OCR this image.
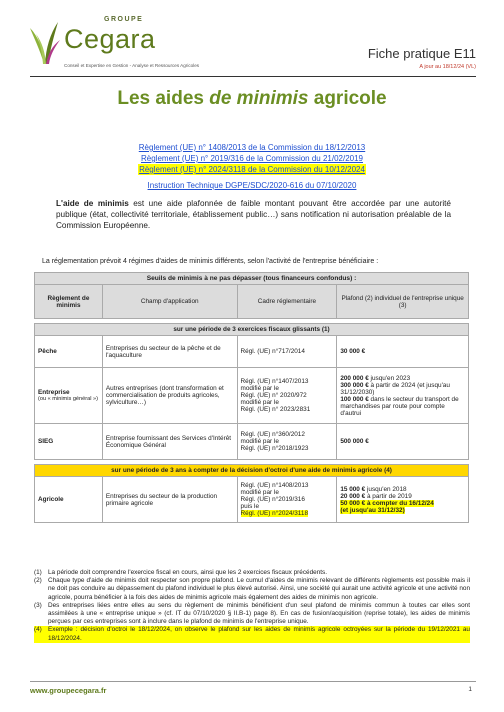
GROUPE
Cegara
Conseil et Expertise en Gestion - Analyse et Ressources Agricoles
Fiche pratique E11
A jour au 18/12/24 (VL)
Les aides de minimis agricole
Règlement (UE) n° 1408/2013 de la Commission du 18/12/2013
Règlement (UE) n° 2019/316 de la Commission du 21/02/2019
Règlement (UE) n° 2024/3118 de la Commission du 10/12/2024
Instruction Technique DGPE/SDC/2020-616 du 07/10/2020

L'aide de minimis est une aide plafonnée de faible montant pouvant être accordée par une autorité publique (état, collectivité territoriale, établissement public…) sans notification ni autorisation préalable de la Commission Européenne.

La réglementation prévoit 4 régimes d'aides de minimis différents, selon l'activité de l'entreprise bénéficiaire :

Seuils de minimis à ne pas dépasser (tous financeurs confondus) :			
Règlement de minimis	Champ d'application	Cadre réglementaire	Plafond (2) individuel de l'entreprise unique (3)

sur une période de 3 exercices fiscaux glissants (1)			
Pêche	Entreprises du secteur de la pêche et de l'aquaculture	Régl. (UE) n°717/2014	30 000 €
Entreprise
(ou « minimis général »)	Autres entreprises (dont transformation et commercialisation de produits agricoles, sylviculture…)	Régl. (UE) n°1407/2013
modifié par le
Régl. (UE) n° 2020/972
modifié par le
Régl. (UE) n° 2023/2831	200 000 € jusqu'en 2023
300 000 € à partir de 2024 (et jusqu'au 31/12/2030)
100 000 € dans le secteur du transport de marchandises par route pour compte d'autrui

SIEG	Entreprise fournissant des Services d'Intérêt Économique Général	Régl. (UE) n°360/2012
modifié par le
Régl. (UE) n°2018/1923	500 000 €

sur une période de 3 ans à compter de la décision d'octroi d'une aide de minimis agricole (4)			
Agricole	Entreprises du secteur de la production primaire agricole	Régl. (UE) n°1408/2013
modifié par le
Régl. (UE) n°2019/316
puis le
Régl. (UE) n°2024/3118	15 000 € jusqu'en 2018
20 000 € à partir de 2019
50 000 € à compter du 16/12/24
(et jusqu'au 31/12/32)
(1) La période doit comprendre l'exercice fiscal en cours, ainsi que les 2 exercices fiscaux précédents.
(2) Chaque type d'aide de minimis doit respecter son propre plafond. Le cumul d'aides de minimis relevant de différents règlements est possible mais il ne doit pas conduire au dépassement du plafond individuel le plus élevé autorisé. Ainsi, une société qui aurait une activité agricole et une activité non agricole, pourra bénéficier à la fois des aides de minimis agricole mais également des aides de minimis non agricole.
(3) Des entreprises liées entre elles au sens du règlement de minimis bénéficient d'un seul plafond de minimis commun à toutes car elles sont assimilées à une « entreprise unique » (cf. IT du 07/10/2020 § II.B-1) page 8). En cas de fusion/acquisition (reprise totale), les aides de minimis perçues par ces entreprises sont à inclure dans le plafond de minimis de l'entreprise unique.
(4) Exemple : décision d'octroi le 18/12/2024, on observe le plafond sur les aides de minimis agricole octroyées sur la période du 19/12/2021 au 18/12/2024.
www.groupecegara.fr	1
